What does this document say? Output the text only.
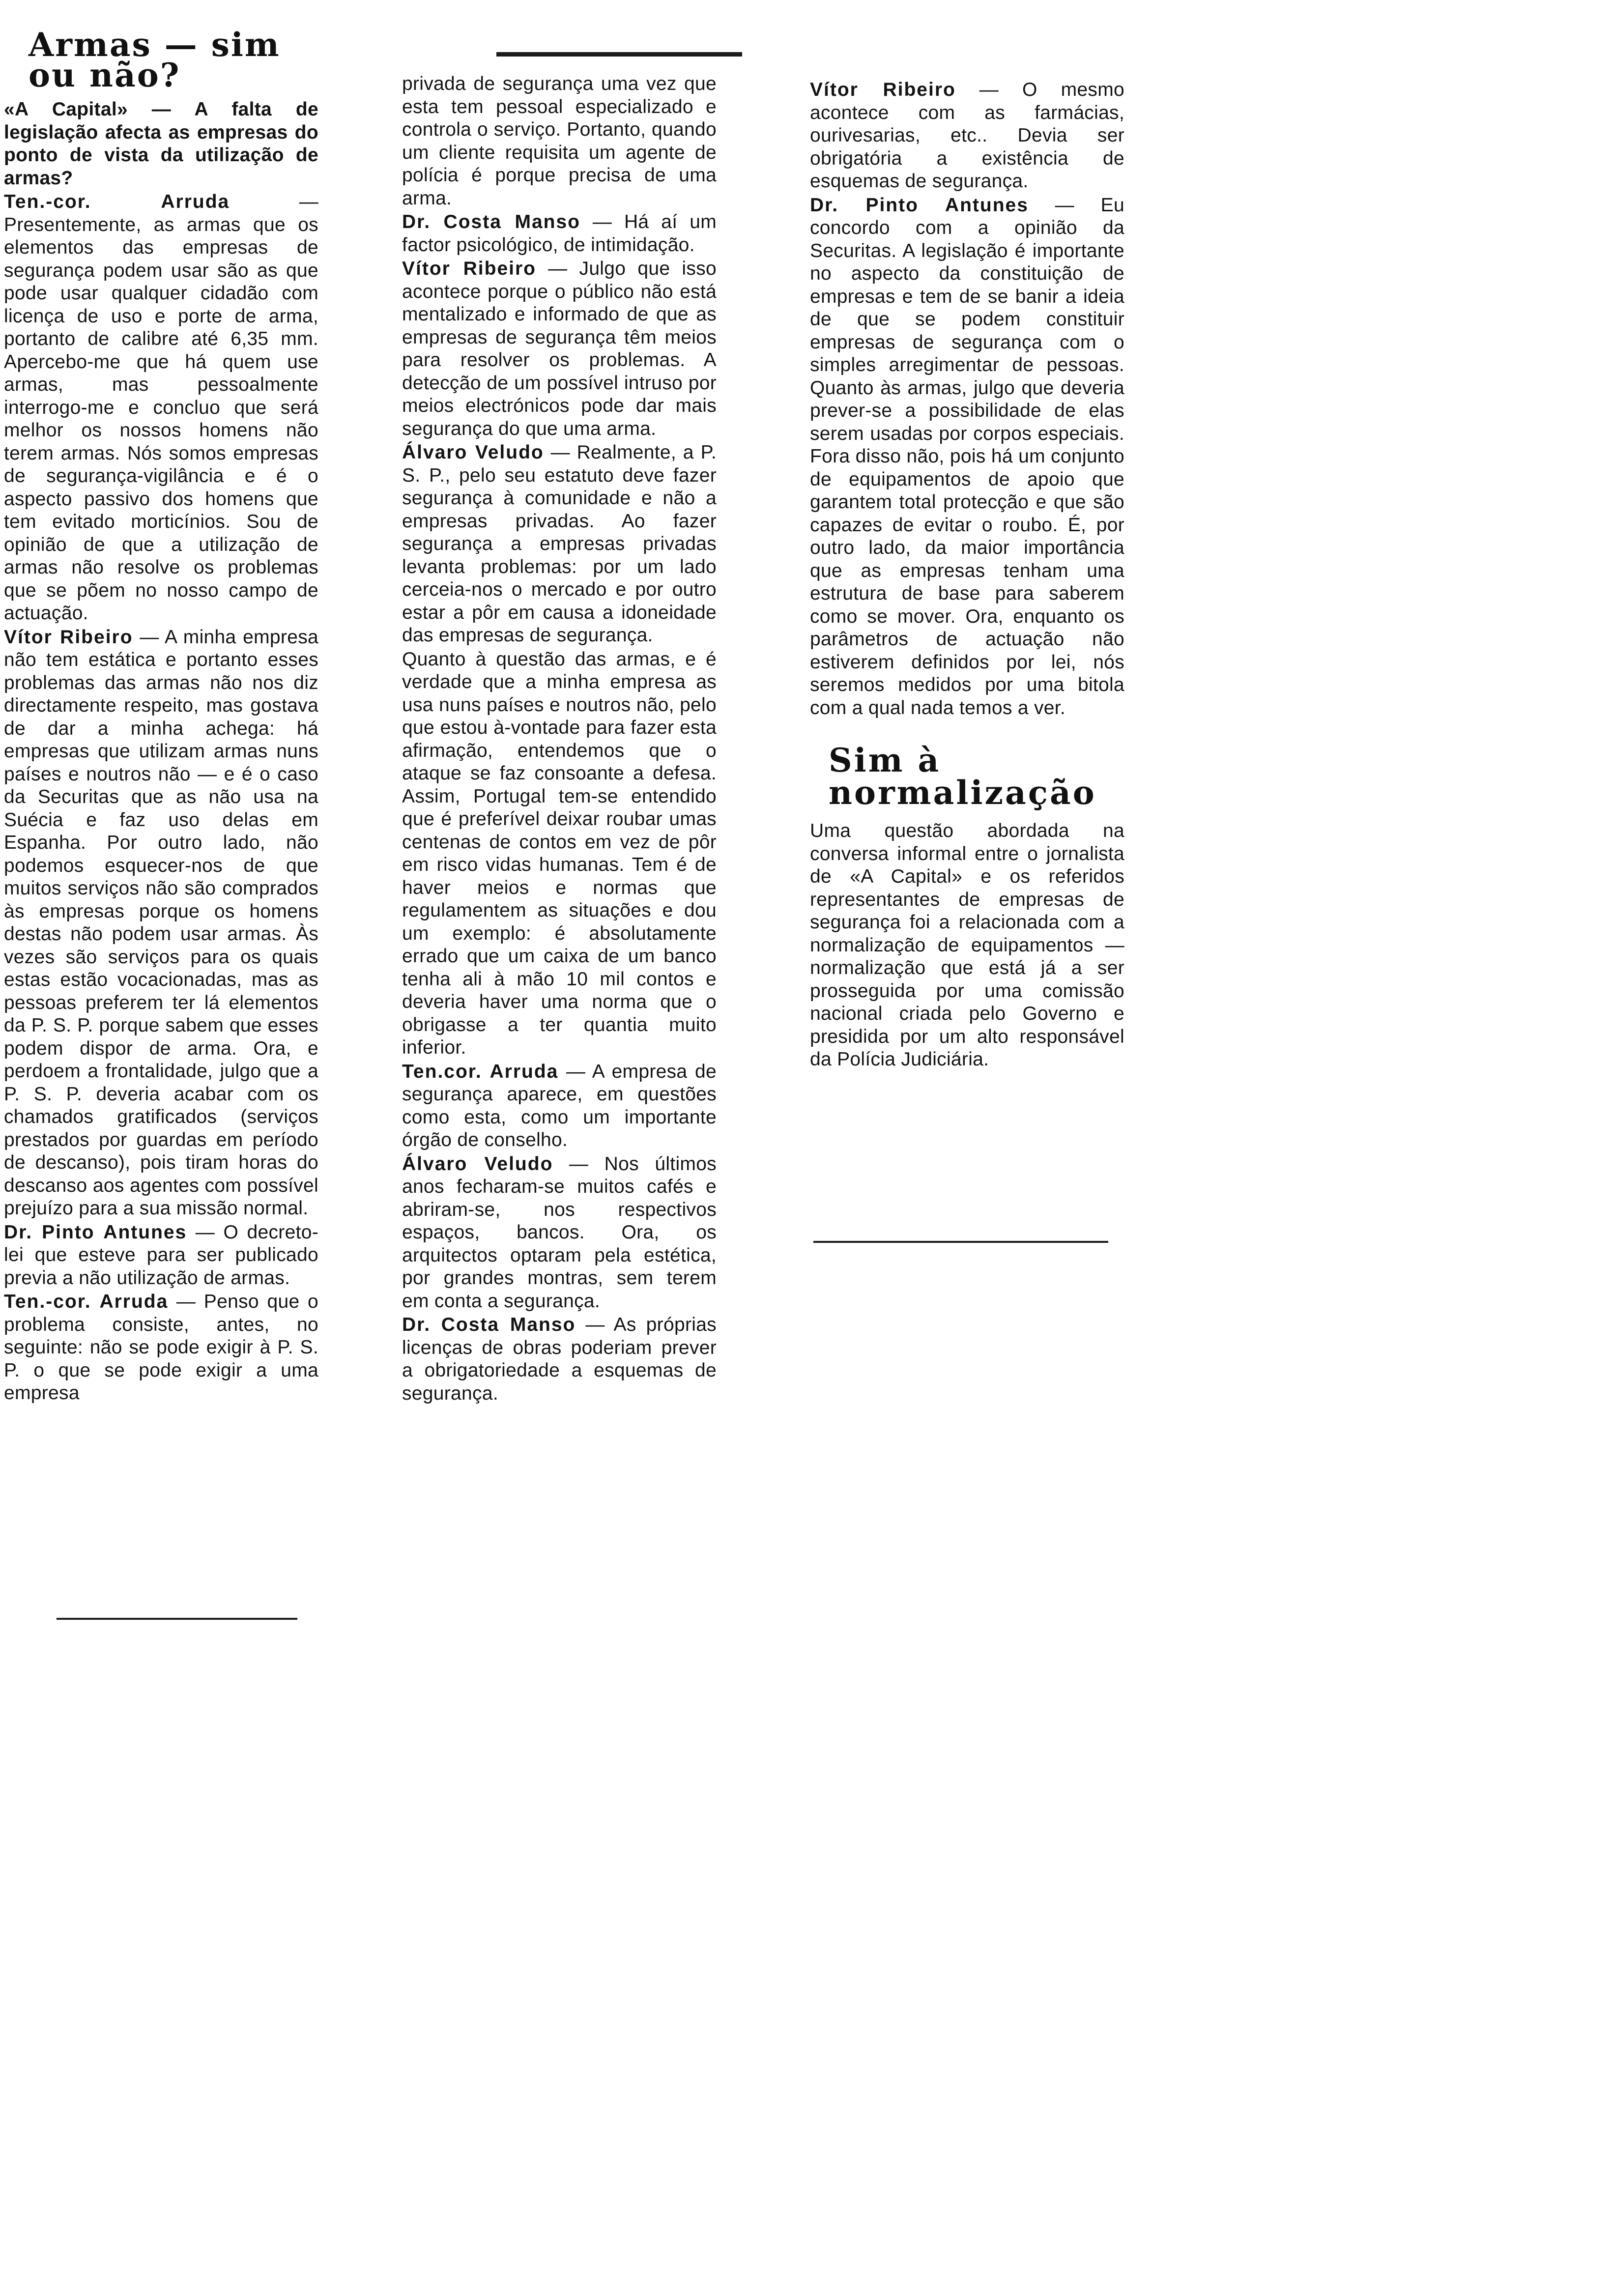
Armas — sim ou não?

«A Capital» — A falta de legislação afecta as empresas do ponto de vista da utilização de armas?

Ten.-cor. Arruda	— Presentemente, as armas que os elementos das empresas de segurança podem usar são as que pode usar qualquer cidadão com licença de uso e porte de arma, portanto de calibre até 6,35 mm. Apercebo-me que há quem use armas, mas pessoalmente interrogo-me e concluo que será melhor os nossos homens não terem armas. Nós somos empresas de segurança-vigilância e é o aspecto passivo dos homens que tem evitado morticínios. Sou de opinião de que a utilização de armas não resolve os problemas que se põem no nosso campo de actuação.

Vítor Ribeiro — A minha empresa não tem estática e portanto esses problemas das armas não nos diz directamente respeito, mas gostava de dar a minha achega: há empresas que utilizam armas nuns países e noutros não — e é o caso da Securitas que as não usa na Suécia e faz uso delas em Espanha. Por outro lado, não podemos esquecer-nos de que muitos serviços não são comprados às empresas porque os homens destas não podem usar armas. Às vezes são serviços para os quais estas estão vocacionadas, mas as pessoas preferem ter lá elementos da P. S. P. porque sabem que esses podem dispor de arma. Ora, e perdoem a frontalidade, julgo que a P. S. P. deveria acabar com os chamados gratificados (serviços prestados por guardas em período de descanso), pois tiram horas do descanso aos agentes com possível prejuízo para a sua missão normal.

Dr. Pinto Antunes — O decreto-lei que esteve para ser publicado previa a não utilização de armas.

Ten.-cor. Arruda — Penso que o problema consiste, antes, no seguinte: não se pode exigir à P. S. P. o que se pode exigir a uma empresa

privada de segurança uma vez que esta tem pessoal especializado e controla o serviço. Portanto, quando um cliente requisita um agente de polícia é porque precisa de uma arma.

Dr. Costa Manso — Há aí um factor psicológico, de intimidação.

Vítor Ribeiro — Julgo que isso acontece porque o público não está mentalizado e informado de que as empresas de segurança têm meios para resolver os problemas. A detecção de um possível intruso por meios electrónicos pode dar mais segurança do que uma arma.

Álvaro Veludo — Realmente, a P. S. P., pelo seu estatuto deve fazer segurança à comunidade e não a empresas privadas. Ao fazer segurança a empresas privadas levanta problemas: por um lado cerceia-nos o mercado e por outro estar a pôr em causa a idoneidade das empresas de segurança.

Quanto à questão das armas, e é verdade que a minha empresa as usa nuns países e noutros não, pelo que estou à-vontade para fazer esta afirmação, entendemos que o ataque se faz consoante a defesa. Assim, Portugal tem-se entendido que é preferível deixar roubar umas centenas de contos em vez de pôr em risco vidas humanas. Tem é de haver meios e normas que regulamentem as situações e dou um exemplo: é absolutamente errado que um caixa de um banco tenha ali à mão 10 mil contos e deveria haver uma norma que o obrigasse a ter quantia muito inferior.

Ten.cor. Arruda — A empresa de segurança aparece, em questões como esta, como um importante órgão de conselho.

Álvaro Veludo — Nos últimos anos fecharam-se muitos cafés e abriram-se, nos respectivos espaços, bancos. Ora, os arquitectos optaram pela estética, por grandes montras, sem terem em conta a segurança.

Dr. Costa Manso — As próprias licenças de obras poderiam prever a obrigatoriedade a esquemas de segurança.

Vítor Ribeiro — O mesmo acontece com as farmácias, ourivesarias, etc.. Devia ser obrigatória a existência de esquemas de segurança.

Dr. Pinto Antunes — Eu concordo com a opinião da Securitas. A legislação é importante no aspecto da constituição de empresas e tem de se banir a ideia de que se podem constituir empresas de segurança com o simples arregimentar de pessoas. Quanto às armas, julgo que deveria prever-se a possibilidade de elas serem usadas por corpos especiais. Fora disso não, pois há um conjunto de equipamentos de apoio que garantem total protecção e que são capazes de evitar o roubo. É, por outro lado, da maior importância que as empresas tenham uma estrutura de base para saberem como se mover. Ora, enquanto os parâmetros de actuação não estiverem definidos por lei, nós seremos medidos por uma bitola com a qual nada temos a ver.

Sim à normalização

Uma questão abordada na conversa informal entre o jornalista de «A Capital» e os referidos representantes de empresas de segurança foi a relacionada com a normalização de equipamentos — normalização que está já a ser prosseguida por uma comissão nacional criada pelo Governo e presidida por um alto responsável da Polícia Judiciária.
